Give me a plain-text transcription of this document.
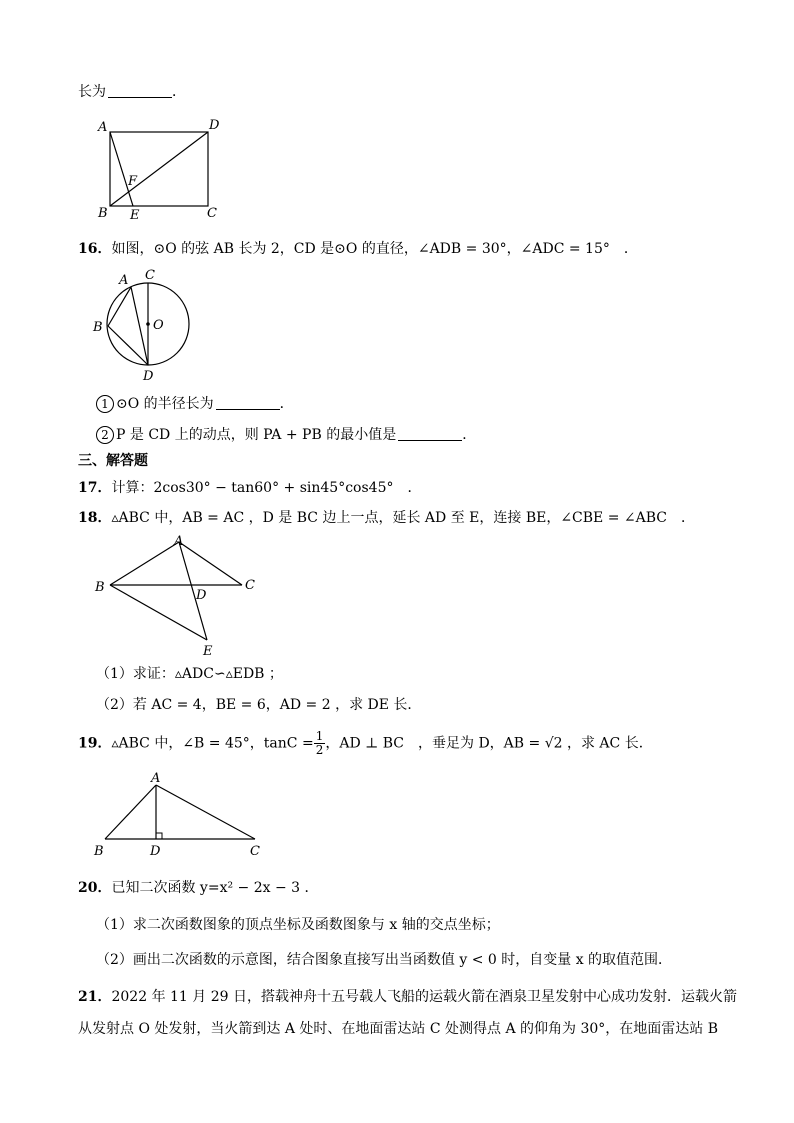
长为	．
A	D
F
B E	C
16．如图，⊙O 的弦 AB 长为 2，CD 是⊙O 的直径，∠ADB = 30°，∠ADC = 15°　．
C
A
B	O
D
1 ⊙O 的半径长为	．
2 P 是 CD 上的动点，则 PA + PB 的最小值是	．
三、解答题
17．计算：2cos30° − tan60° + sin45°cos45°　．
18．▵ABC 中，AB = AC ，D 是 BC 边上一点，延长 AD 至 E，连接 BE，∠CBE = ∠ABC　．
A
B	C
D
E
（1）求证：▵ADC∽▵EDB ；
（2）若 AC = 4，BE = 6，AD = 2 ，求 DE 长．
19．▵ABC 中，∠B = 45°，$\tan C = \frac{1}{2}$ ，AD ⊥ BC　，垂足为 D，AB = √2 ，求 AC 长．
A
B	D	C
20．已知二次函数 y=x² − 2x − 3 ．
（1）求二次函数图象的顶点坐标及函数图象与 x 轴的交点坐标；
（2）画出二次函数的示意图，结合图象直接写出当函数值 y < 0 时，自变量 x 的取值范围．
21．2022 年 11 月 29 日，搭载神舟十五号载人飞船的运载火箭在酒泉卫星发射中心成功发射．运载火箭
从发射点 O 处发射，当火箭到达 A 处时、在地面雷达站 C 处测得点 A 的仰角为 30°，在地面雷达站 B
